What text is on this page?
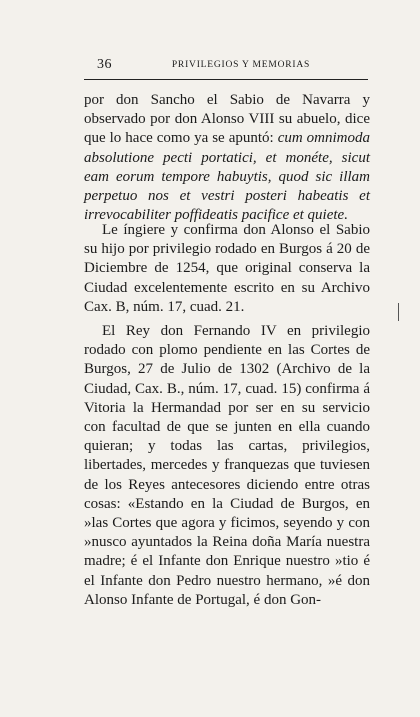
36	PRIVILEGIOS Y MEMORIAS

por don Sancho el Sabio de Navarra y observado por don Alonso VIII su abuelo, dice que lo hace como ya se apuntó: cum omnimoda absolutione pecti portatici, et monéte, sicut eam eorum tempore habuytis, quod sic illam perpetuo nos et vestri posteri habeatis et irrevocabiliter poffideatis pacifice et quiete.

Le íngiere y confirma don Alonso el Sabio su hijo por privilegio rodado en Burgos á 20 de Diciembre de 1254, que original conserva la Ciudad excelentemente escrito en su Archivo Cax. B, núm. 17, cuad. 21.

El Rey don Fernando IV en privilegio rodado con plomo pendiente en las Cortes de Burgos, 27 de Julio de 1302 (Archivo de la Ciudad, Cax. B., núm. 17, cuad. 15) confirma á Vitoria la Hermandad por ser en su servicio con facultad de que se junten en ella cuando quieran; y todas las cartas, privilegios, libertades, mercedes y franquezas que tuviesen de los Reyes antecesores diciendo entre otras cosas: «Estando en la Ciudad de Burgos, en »las Cortes que agora y ficimos, seyendo y con »nusco ayuntados la Reina doña María nuestra madre; é el Infante don Enrique nuestro »tio é el Infante don Pedro nuestro hermano, »é don Alonso Infante de Portugal, é don Gon-
